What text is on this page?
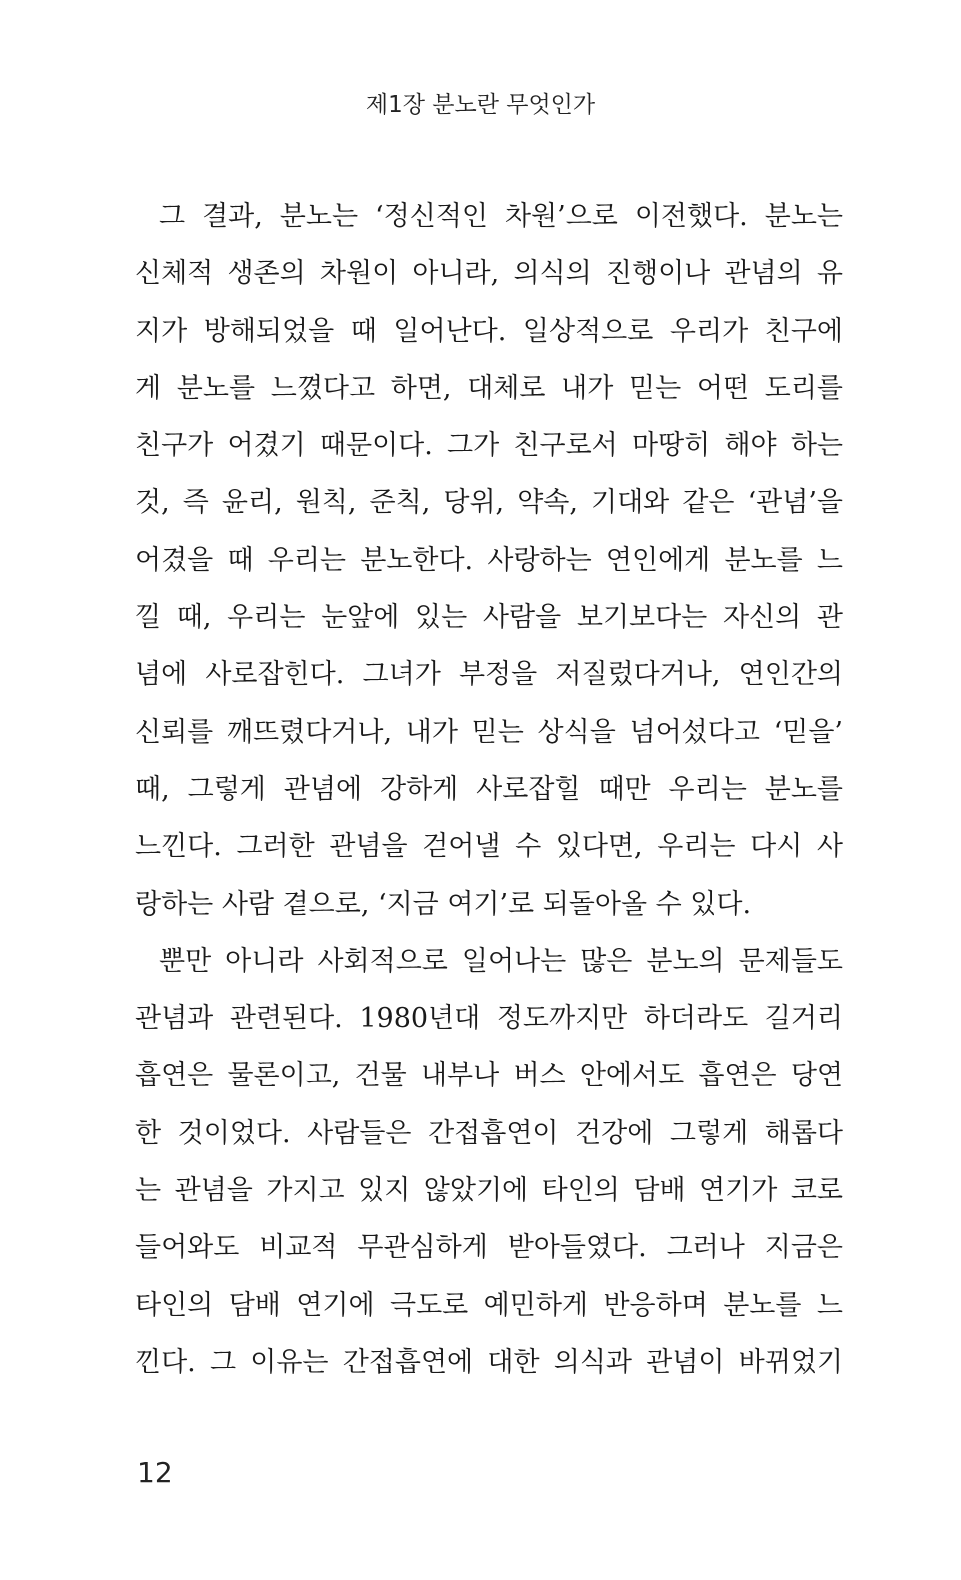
제1장 분노란 무엇인가
그 결과, 분노는 ‘정신적인 차원’으로 이전했다. 분노는
신체적 생존의 차원이 아니라, 의식의 진행이나 관념의 유
지가 방해되었을 때 일어난다. 일상적으로 우리가 친구에
게 분노를 느꼈다고 하면, 대체로 내가 믿는 어떤 도리를
친구가 어겼기 때문이다. 그가 친구로서 마땅히 해야 하는
것, 즉 윤리, 원칙, 준칙, 당위, 약속, 기대와 같은 ‘관념’을
어겼을 때 우리는 분노한다. 사랑하는 연인에게 분노를 느
낄 때, 우리는 눈앞에 있는 사람을 보기보다는 자신의 관
념에 사로잡힌다. 그녀가 부정을 저질렀다거나, 연인간의
신뢰를 깨뜨렸다거나, 내가 믿는 상식을 넘어섰다고 ‘믿을’
때, 그렇게 관념에 강하게 사로잡힐 때만 우리는 분노를
느낀다. 그러한 관념을 걷어낼 수 있다면, 우리는 다시 사
랑하는 사람 곁으로, ‘지금 여기’로 되돌아올 수 있다.
뿐만 아니라 사회적으로 일어나는 많은 분노의 문제들도
관념과 관련된다. 1980년대 정도까지만 하더라도 길거리
흡연은 물론이고, 건물 내부나 버스 안에서도 흡연은 당연
한 것이었다. 사람들은 간접흡연이 건강에 그렇게 해롭다
는 관념을 가지고 있지 않았기에 타인의 담배 연기가 코로
들어와도 비교적 무관심하게 받아들였다. 그러나 지금은
타인의 담배 연기에 극도로 예민하게 반응하며 분노를 느
낀다. 그 이유는 간접흡연에 대한 의식과 관념이 바뀌었기
12
